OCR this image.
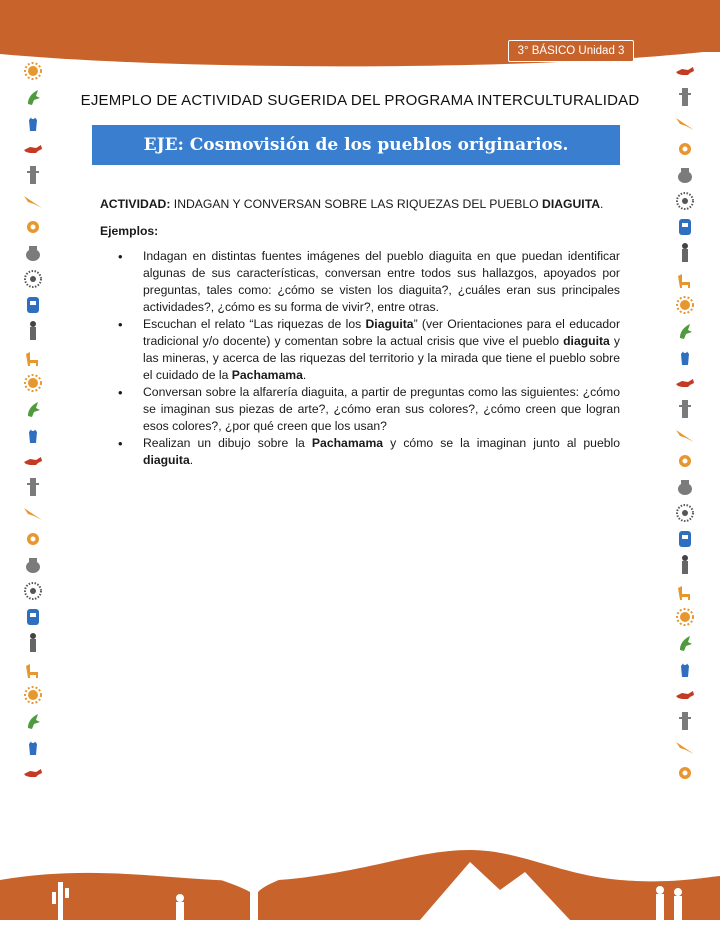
3° BÁSICO Unidad 3
EJEMPLO DE ACTIVIDAD SUGERIDA DEL PROGRAMA INTERCULTURALIDAD
EJE: Cosmovisión de los pueblos originarios.

ACTIVIDAD: INDAGAN Y CONVERSAN SOBRE LAS RIQUEZAS DEL PUEBLO DIAGUITA.

Ejemplos:

• Indagan en distintas fuentes imágenes del pueblo diaguita en que puedan identificar algunas de sus características, conversan entre todos sus hallazgos, apoyados por preguntas, tales como: ¿cómo se visten los diaguita?, ¿cuáles eran sus principales actividades?, ¿cómo es su forma de vivir?, entre otras.
• Escuchan el relato “Las riquezas de los Diaguita” (ver Orientaciones para el educador tradicional y/o docente) y comentan sobre la actual crisis que vive el pueblo diaguita y las mineras, y acerca de las riquezas del territorio y la mirada que tiene el pueblo sobre el cuidado de la Pachamama.
• Conversan sobre la alfarería diaguita, a partir de preguntas como las siguientes: ¿cómo se imaginan sus piezas de arte?, ¿cómo eran sus colores?, ¿cómo creen que logran esos colores?, ¿por qué creen que los usan?
• Realizan un dibujo sobre la Pachamama y cómo se la imaginan junto al pueblo diaguita.
